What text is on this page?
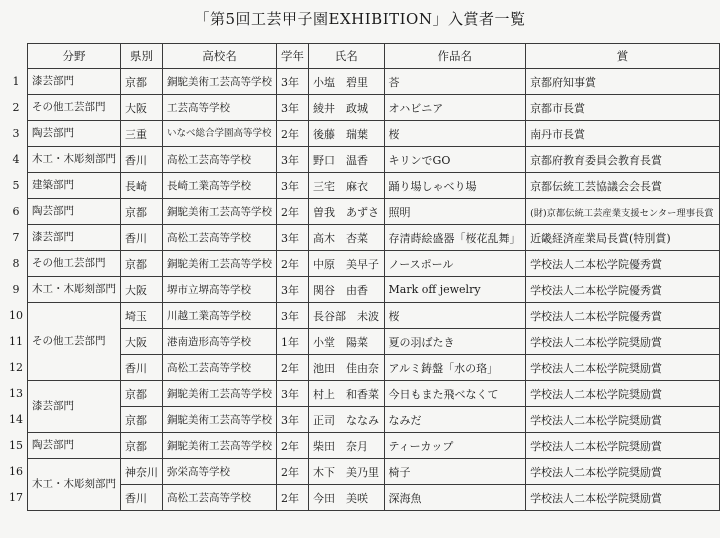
「第5回工芸甲子園EXHIBITION」入賞者一覧
	分野	県別	高校名	学年	氏名	作品名	賞
1	漆芸部門	京都	銅駝美術工芸高等学校	3年	小塩　碧里	荅	京都府知事賞
2	その他工芸部門	大阪	工芸高等学校	3年	綾井　政城	オハビニア	京都市長賞
3	陶芸部門	三重	いなべ総合学園高等学校	2年	後藤　瑞葉	桜	南丹市長賞
4	木工・木彫刻部門	香川	高松工芸高等学校	3年	野口　温香	キリンでGO	京都府教育委員会教育長賞
5	建築部門	長崎	長崎工業高等学校	3年	三宅　麻衣	踊り場しゃべり場	京都伝統工芸協議会会長賞
6	陶芸部門	京都	銅駝美術工芸高等学校	2年	曽我　あずさ	照明	(財)京都伝統工芸産業支援センター理事長賞
7	漆芸部門	香川	高松工芸高等学校	3年	高木　杏菜	存清蒔絵盛器「桜花乱舞」	近畿経済産業局長賞(特別賞)
8	その他工芸部門	京都	銅駝美術工芸高等学校	2年	中原　美早子	ノースポール	学校法人二本松学院優秀賞
9	木工・木彫刻部門	大阪	堺市立堺高等学校	3年	関谷　由香	Mark off jewelry	学校法人二本松学院優秀賞
10	その他工芸部門	埼玉	川越工業高等学校	3年	長谷部　未波	桜	学校法人二本松学院優秀賞
11		大阪	港南造形高等学校	1年	小堂　陽菜	夏の羽ばたき	学校法人二本松学院奨励賞
12		香川	高松工芸高等学校	2年	池田　佳由奈	アルミ鋳盤「水の珞」	学校法人二本松学院奨励賞
13	漆芸部門	京都	銅駝美術工芸高等学校	3年	村上　和香菜	今日もまた飛べなくて	学校法人二本松学院奨励賞
14		京都	銅駝美術工芸高等学校	3年	正司　ななみ	なみだ	学校法人二本松学院奨励賞
15	陶芸部門	京都	銅駝美術工芸高等学校	2年	柴田　奈月	ティーカップ	学校法人二本松学院奨励賞
16	木工・木彫刻部門	神奈川	弥栄高等学校	2年	木下　美乃里	椅子	学校法人二本松学院奨励賞
17		香川	高松工芸高等学校	2年	今田　美咲	深海魚	学校法人二本松学院奨励賞
